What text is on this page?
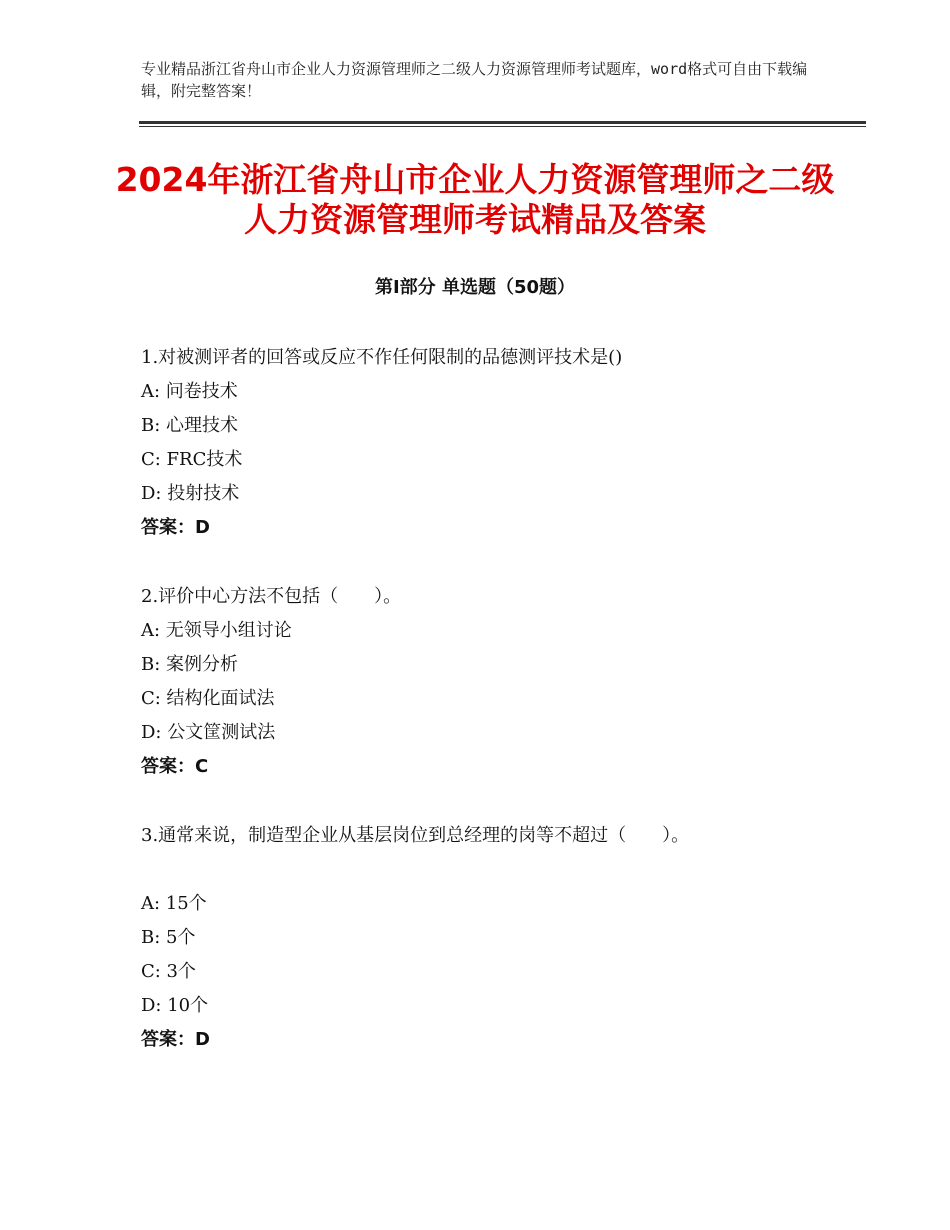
专业精品浙江省舟山市企业人力资源管理师之二级人力资源管理师考试题库，word格式可自由下载编辑，附完整答案！
2024年浙江省舟山市企业人力资源管理师之二级人力资源管理师考试精品及答案
第Ⅰ部分 单选题（50题）
1.对被测评者的回答或反应不作任何限制的品德测评技术是()
A: 问卷技术
B: 心理技术
C: FRC技术
D: 投射技术
答案：D
2.评价中心方法不包括（　　）。
A: 无领导小组讨论
B: 案例分析
C: 结构化面试法
D: 公文筐测试法
答案：C
3.通常来说，制造型企业从基层岗位到总经理的岗等不超过（　　）。
A: 15个
B: 5个
C: 3个
D: 10个
答案：D
